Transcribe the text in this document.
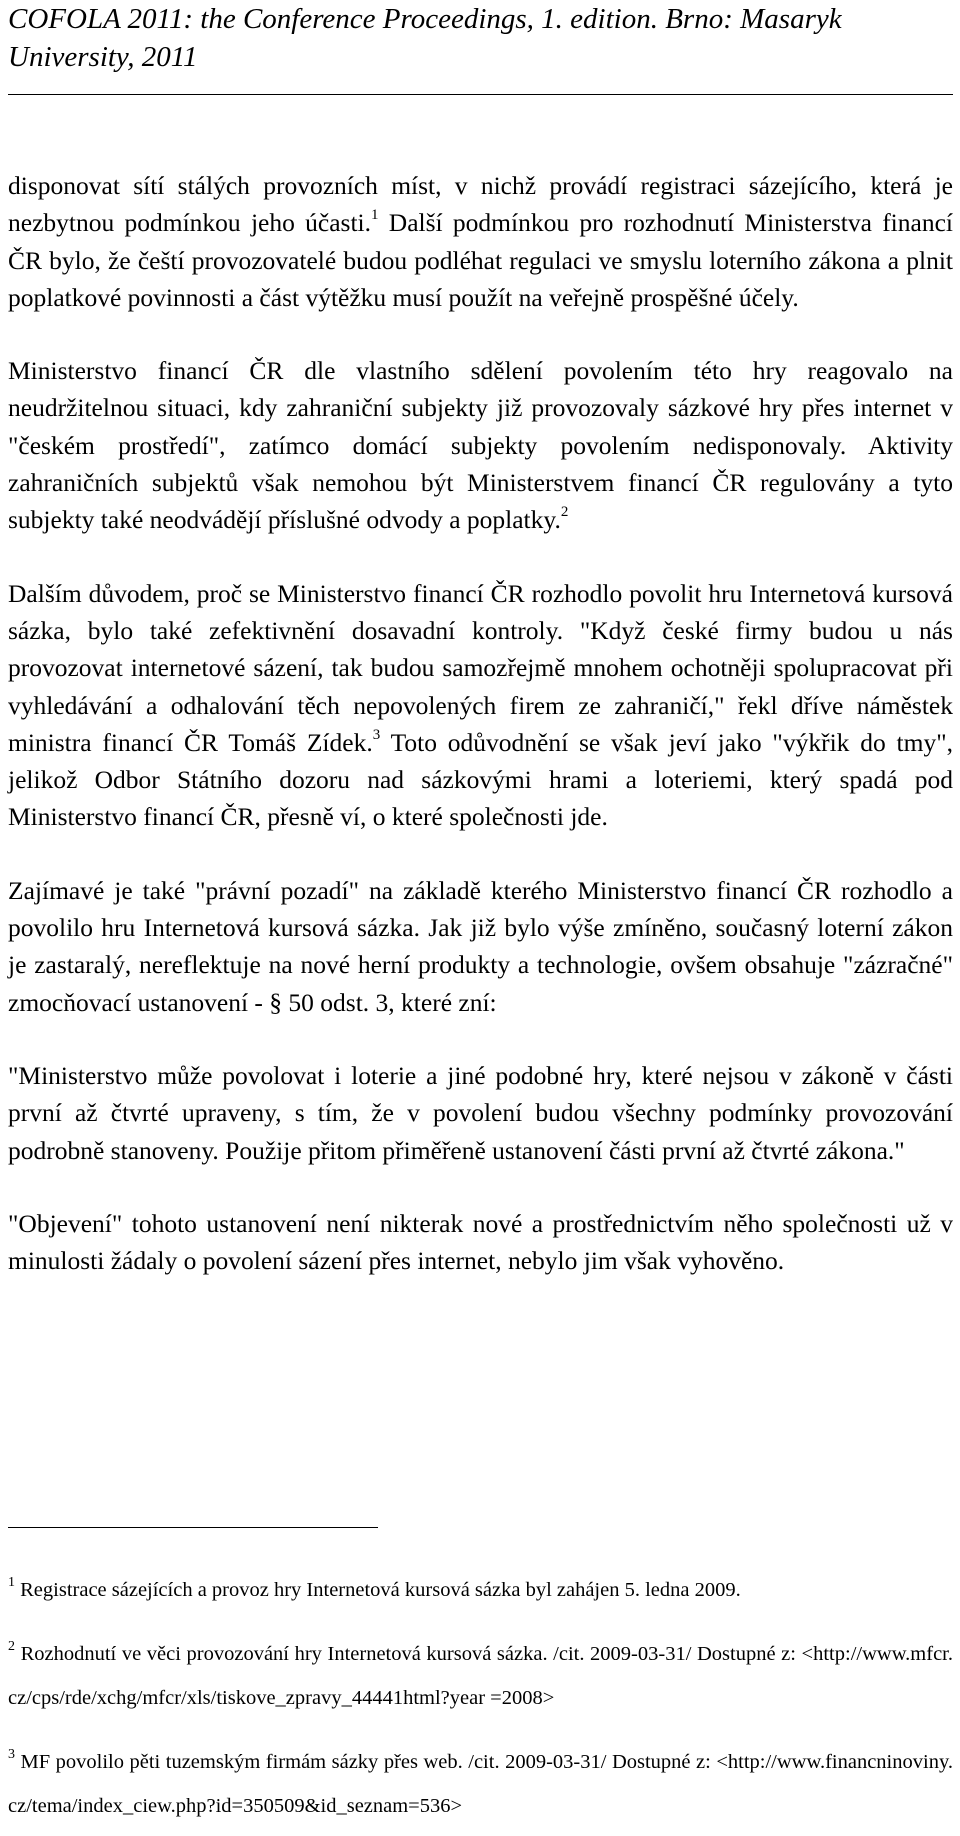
COFOLA 2011: the Conference Proceedings, 1. edition. Brno: Masaryk University, 2011

disponovat sítí stálých provozních míst, v nichž provádí registraci sázejícího, která je nezbytnou podmínkou jeho účasti.$^1$ Další podmínkou pro rozhodnutí Ministerstva financí ČR bylo, že čeští provozovatelé budou podléhat regulaci ve smyslu loterního zákona a plnit poplatkové povinnosti a část výtěžku musí použít na veřejně prospěšné účely.

Ministerstvo financí ČR dle vlastního sdělení povolením této hry reagovalo na neudržitelnou situaci, kdy zahraniční subjekty již provozovaly sázkové hry přes internet v "českém prostředí", zatímco domácí subjekty povolením nedisponovaly. Aktivity zahraničních subjektů však nemohou být Ministerstvem financí ČR regulovány a tyto subjekty také neodvádějí příslušné odvody a poplatky.$^2$

Dalším důvodem, proč se Ministerstvo financí ČR rozhodlo povolit hru Internetová kursová sázka, bylo také zefektivnění dosavadní kontroly. "Když české firmy budou u nás provozovat internetové sázení, tak budou samozřejmě mnohem ochotněji spolupracovat při vyhledávání a odhalování těch nepovolených firem ze zahraničí," řekl dříve náměstek ministra financí ČR Tomáš Zídek.$^3$ Toto odůvodnění se však jeví jako "výkřik do tmy", jelikož Odbor Státního dozoru nad sázkovými hrami a loteriemi, který spadá pod Ministerstvo financí ČR, přesně ví, o které společnosti jde.

Zajímavé je také "právní pozadí" na základě kterého Ministerstvo financí ČR rozhodlo a povolilo hru Internetová kursová sázka. Jak již bylo výše zmíněno, současný loterní zákon je zastaralý, nereflektuje na nové herní produkty a technologie, ovšem obsahuje "zázračné" zmocňovací ustanovení - § 50 odst. 3, které zní:

"Ministerstvo může povolovat i loterie a jiné podobné hry, které nejsou v zákoně v části první až čtvrté upraveny, s tím, že v povolení budou všechny podmínky provozování podrobně stanoveny. Použije přitom přiměřeně ustanovení části první až čtvrté zákona."

"Objevení" tohoto ustanovení není nikterak nové a prostřednictvím něho společnosti už v minulosti žádaly o povolení sázení přes internet, nebylo jim však vyhověno.

$^1$ Registrace sázejících a provoz hry Internetová kursová sázka byl zahájen 5. ledna 2009.

$^2$ Rozhodnutí ve věci provozování hry Internetová kursová sázka. /cit. 2009-03-31/ Dostupné z: <http://www.mfcr.cz/cps/rde/xchg/mfcr/xls/tiskove_zpravy_44441html?year =2008>

$^3$ MF povolilo pěti tuzemským firmám sázky přes web. /cit. 2009-03-31/ Dostupné z: <http://www.financninoviny.cz/tema/index_ciew.php?id=350509&id_seznam=536>
